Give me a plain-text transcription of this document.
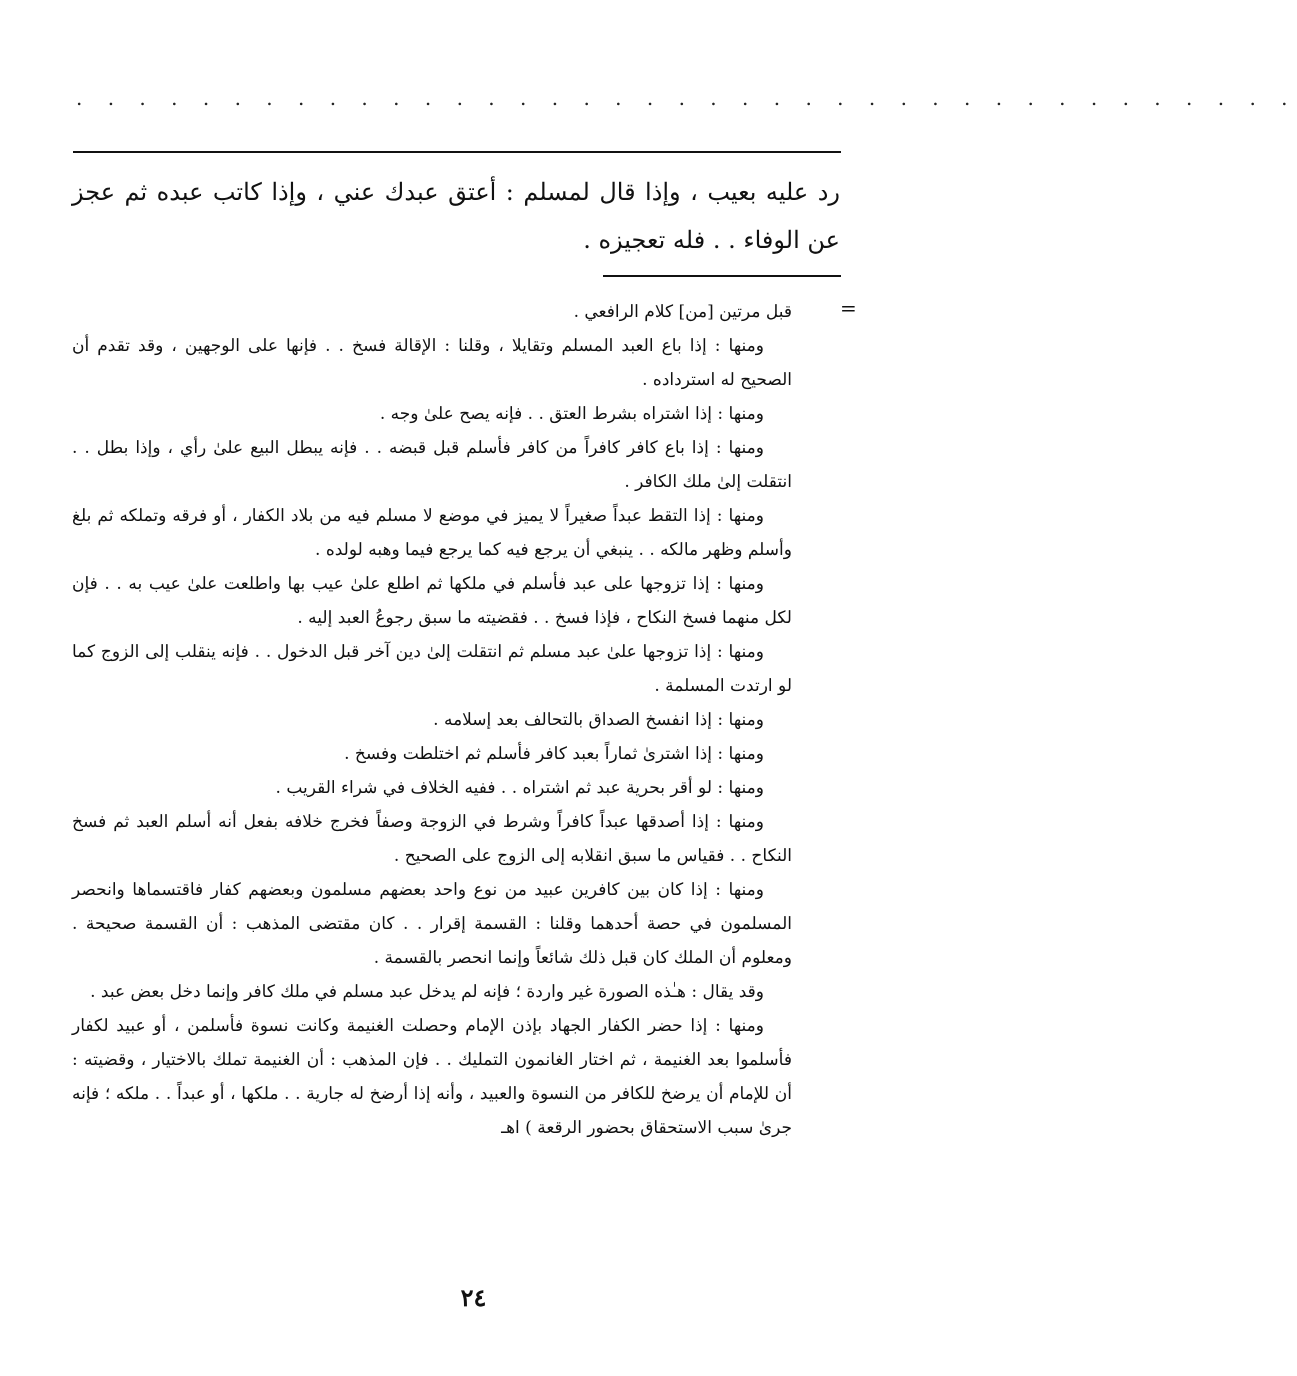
. . . . . . . . . . . . . . . . . . . . . . . . . . . . . . . . . . . . . . .
رد عليه بعيب ، وإذا قال لمسلم : أعتق عبدك عني ، وإذا كاتب عبده ثم عجز عن الوفاء . . فله تعجيزه .
=

قبل مرتين [من] كلام الرافعي .

ومنها : إذا باع العبد المسلم وتقايلا ، وقلنا : الإقالة فسخ . . فإنها على الوجهين ، وقد تقدم أن الصحيح له استرداده .

ومنها : إذا اشتراه بشرط العتق . . فإنه يصح علىٰ وجه .

ومنها : إذا باع كافر كافراً من كافر فأسلم قبل قبضه . . فإنه يبطل البيع علىٰ رأي ، وإذا بطل . . انتقلت إلىٰ ملك الكافر .

ومنها : إذا التقط عبداً صغيراً لا يميز في موضع لا مسلم فيه من بلاد الكفار ، أو فرقه وتملكه ثم بلغ وأسلم وظهر مالكه . . ينبغي أن يرجع فيه كما يرجع فيما وهبه لولده .

ومنها : إذا تزوجها على عبد فأسلم في ملكها ثم اطلع علىٰ عيب بها واطلعت علىٰ عيب به . . فإن لكل منهما فسخ النكاح ، فإذا فسخ . . فقضيته ما سبق رجوعُ العبد إليه .

ومنها : إذا تزوجها علىٰ عبد مسلم ثم انتقلت إلىٰ دين آخر قبل الدخول . . فإنه ينقلب إلى الزوج كما لو ارتدت المسلمة .

ومنها : إذا انفسخ الصداق بالتحالف بعد إسلامه .

ومنها : إذا اشترىٰ ثماراً بعبد كافر فأسلم ثم اختلطت وفسخ .

ومنها : لو أقر بحرية عبد ثم اشتراه . . ففيه الخلاف في شراء القريب .

ومنها : إذا أصدقها عبداً كافراً وشرط في الزوجة وصفاً فخرج خلافه بفعل أنه أسلم العبد ثم فسخ النكاح . . فقياس ما سبق انقلابه إلى الزوج على الصحيح .

ومنها : إذا كان بين كافرين عبيد من نوع واحد بعضهم مسلمون وبعضهم كفار فاقتسماها وانحصر المسلمون في حصة أحدهما وقلنا : القسمة إقرار . . كان مقتضى المذهب : أن القسمة صحيحة . ومعلوم أن الملك كان قبل ذلك شائعاً وإنما انحصر بالقسمة .

وقد يقال : هـٰذه الصورة غير واردة ؛ فإنه لم يدخل عبد مسلم في ملك كافر وإنما دخل بعض عبد .

ومنها : إذا حضر الكفار الجهاد بإذن الإمام وحصلت الغنيمة وكانت نسوة فأسلمن ، أو عبيد لكفار فأسلموا بعد الغنيمة ، ثم اختار الغانمون التمليك . . فإن المذهب : أن الغنيمة تملك بالاختيار ، وقضيته : أن للإمام أن يرضخ للكافر من النسوة والعبيد ، وأنه إذا أرضخ له جارية . . ملكها ، أو عبداً . . ملكه ؛ فإنه جرىٰ سبب الاستحقاق بحضور الرقعة ) اهـ

٢٤
